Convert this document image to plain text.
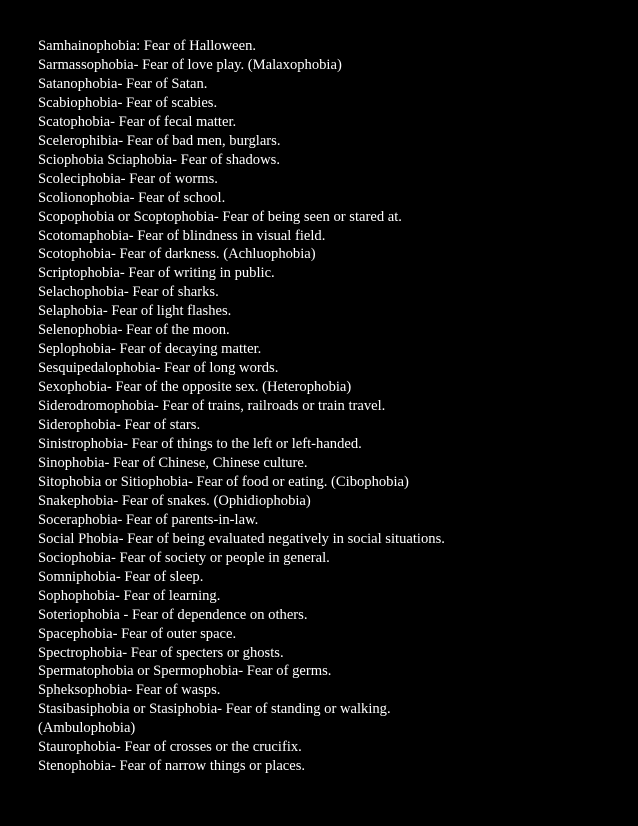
Samhainophobia: Fear of Halloween.
Sarmassophobia- Fear of love play. (Malaxophobia)
Satanophobia- Fear of Satan.
Scabiophobia- Fear of scabies.
Scatophobia- Fear of fecal matter.
Scelerophibia- Fear of bad men, burglars.
Sciophobia Sciaphobia- Fear of shadows.
Scoleciphobia- Fear of worms.
Scolionophobia- Fear of school.
Scopophobia or Scoptophobia- Fear of being seen or stared at.
Scotomaphobia- Fear of blindness in visual field.
Scotophobia- Fear of darkness. (Achluophobia)
Scriptophobia- Fear of writing in public.
Selachophobia- Fear of sharks.
Selaphobia- Fear of light flashes.
Selenophobia- Fear of the moon.
Seplophobia- Fear of decaying matter.
Sesquipedalophobia- Fear of long words.
Sexophobia- Fear of the opposite sex. (Heterophobia)
Siderodromophobia- Fear of trains, railroads or train travel.
Siderophobia- Fear of stars.
Sinistrophobia- Fear of things to the left or left-handed.
Sinophobia- Fear of Chinese, Chinese culture.
Sitophobia or Sitiophobia- Fear of food or eating. (Cibophobia)
Snakephobia- Fear of snakes. (Ophidiophobia)
Soceraphobia- Fear of parents-in-law.
Social Phobia- Fear of being evaluated negatively in social situations.
Sociophobia- Fear of society or people in general.
Somniphobia- Fear of sleep.
Sophophobia- Fear of learning.
Soteriophobia - Fear of dependence on others.
Spacephobia- Fear of outer space.
Spectrophobia- Fear of specters or ghosts.
Spermatophobia or Spermophobia- Fear of germs.
Spheksophobia- Fear of wasps.
Stasibasiphobia or Stasiphobia- Fear of standing or walking.
(Ambulophobia)
Staurophobia- Fear of crosses or the crucifix.
Stenophobia- Fear of narrow things or places.
